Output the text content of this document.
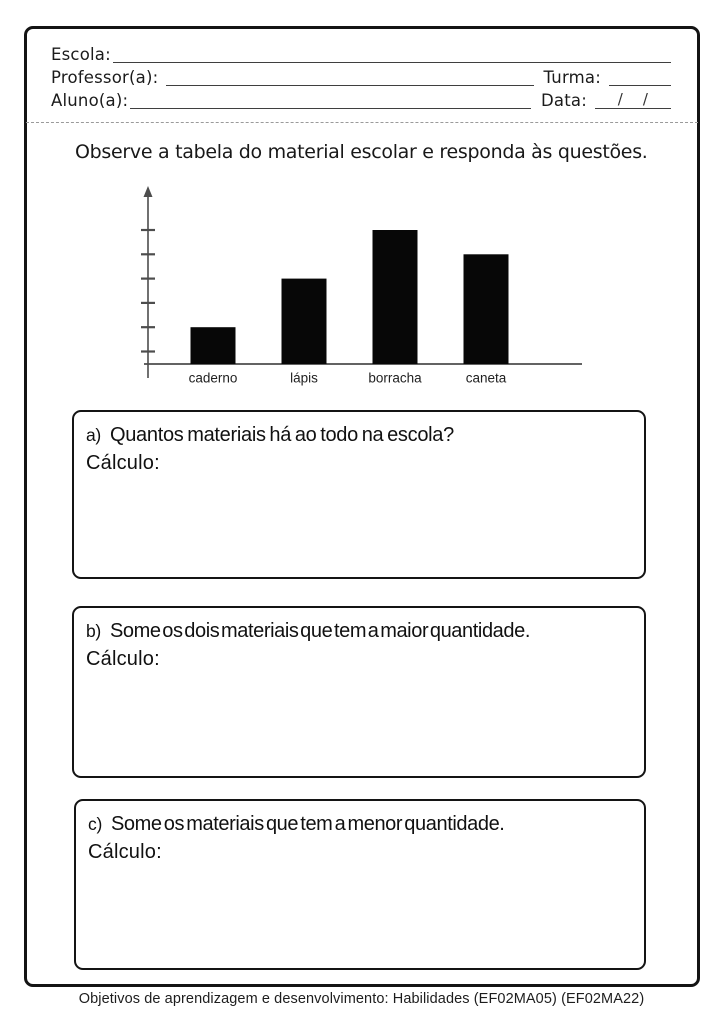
Escola:
Professor(a):	Turma:
Aluno(a):	Data:	/    /
Observe a tabela do material escolar e responda às questões.
caderno	lápis	borracha	caneta
a) Quantos materiais há ao todo na escola?
Cálculo:
b) Some os dois materiais que tem a maior quantidade.
Cálculo:
c) Some os materiais que tem a menor quantidade.
Cálculo:
Objetivos de aprendizagem e desenvolvimento: Habilidades (EF02MA05) (EF02MA22)
